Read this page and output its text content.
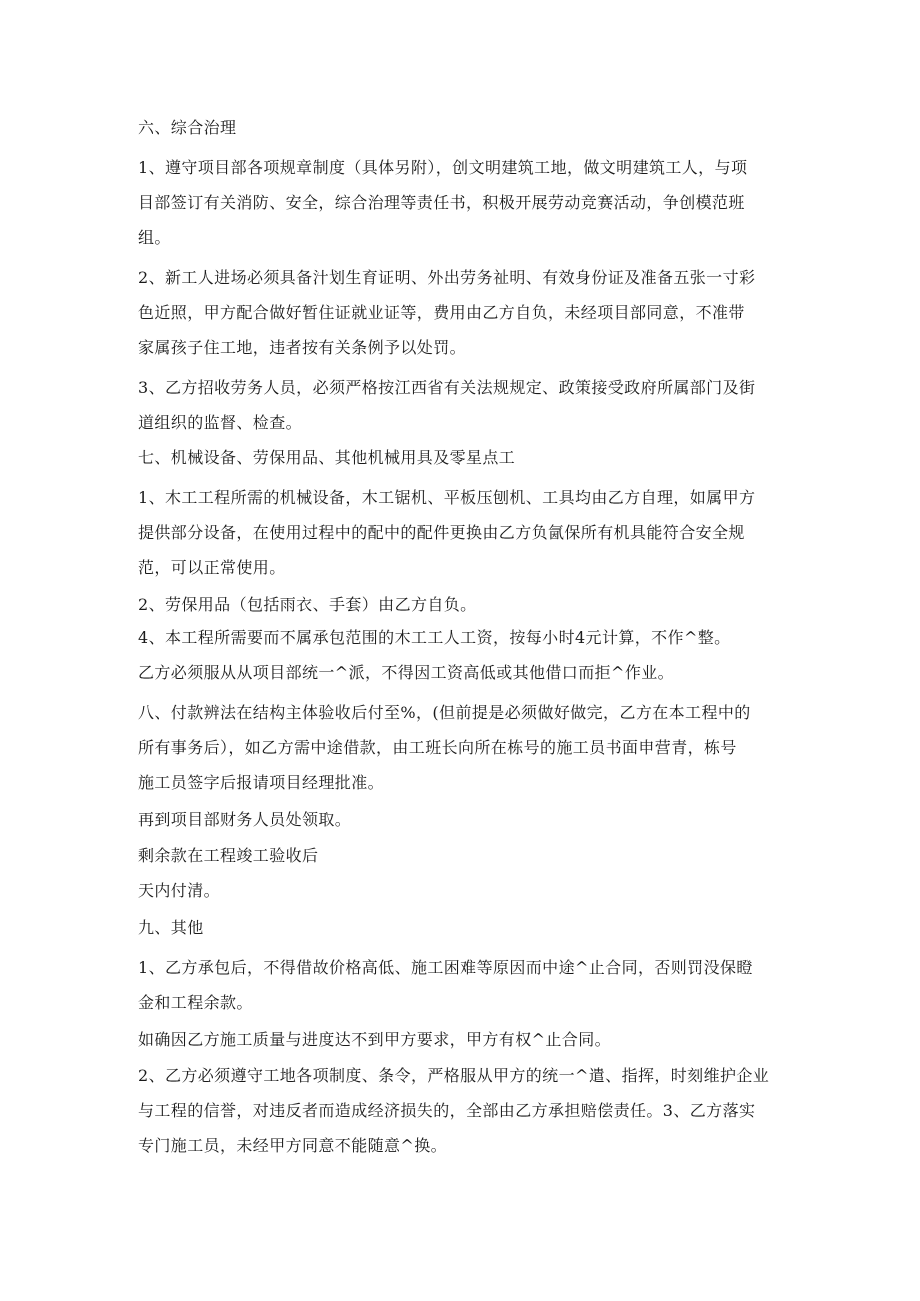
六、综合治理
1、遵守项目部各项规章制度（具体另附），创文明建筑工地，做文明建筑工人，与项
目部签订有关消防、安全，综合治理等责任书，积极开展劳动竞赛活动，争创模范班
组。
2、新工人进场必须具备汁划生育证明、外出劳务祉明、有效身份证及准备五张一寸彩
色近照，甲方配合做好暂住证就业证等，费用由乙方自负，未经项目部同意，不准带
家属孩子住工地，违者按有关条例予以处罚。
3、乙方招收劳务人员，必须严格按江西省有关法规规定、政策接受政府所属部门及街
道组织的监督、检查。
七、机械设备、劳保用品、其他机械用具及零星点工
1、木工工程所需的机械设备，木工锯机、平板压刨机、工具均由乙方自理，如属甲方
提供部分设备，在使用过程中的配中的配件更换由乙方负氤保所有机具能符合安全规
范，可以正常使用。
2、劳保用品（包括雨衣、手套）由乙方自负。
4、本工程所需要而不属承包范围的木工工人工资，按每小时4元计算，不作^整。
乙方必须服从从项目部统一^派，不得因工资高低或其他借口而拒^作业。
八、付款辨法在结构主体验收后付至%，(但前提是必须做好做完，乙方在本工程中的
所有事务后），如乙方需中途借款，由工班长向所在栋号的施工员书面申营青，栋号
施工员签字后报请项目经理批准。
再到项目部财务人员处领取。
剩余款在工程竣工验收后
天内付清。
九、其他
1、乙方承包后，不得借故价格高低、施工困难等原因而中途^止合同，否则罚没保瞪
金和工程余款。
如确因乙方施工质量与进度达不到甲方要求，甲方有权^止合同。
2、乙方必须遵守工地各项制度、条令，严格服从甲方的统一^遣、指挥，时刻维护企业
与工程的信誉，对违反者而造成经济损失的，全部由乙方承担赔偿责任。3、乙方落实
专门施工员，未经甲方同意不能随意^换。
